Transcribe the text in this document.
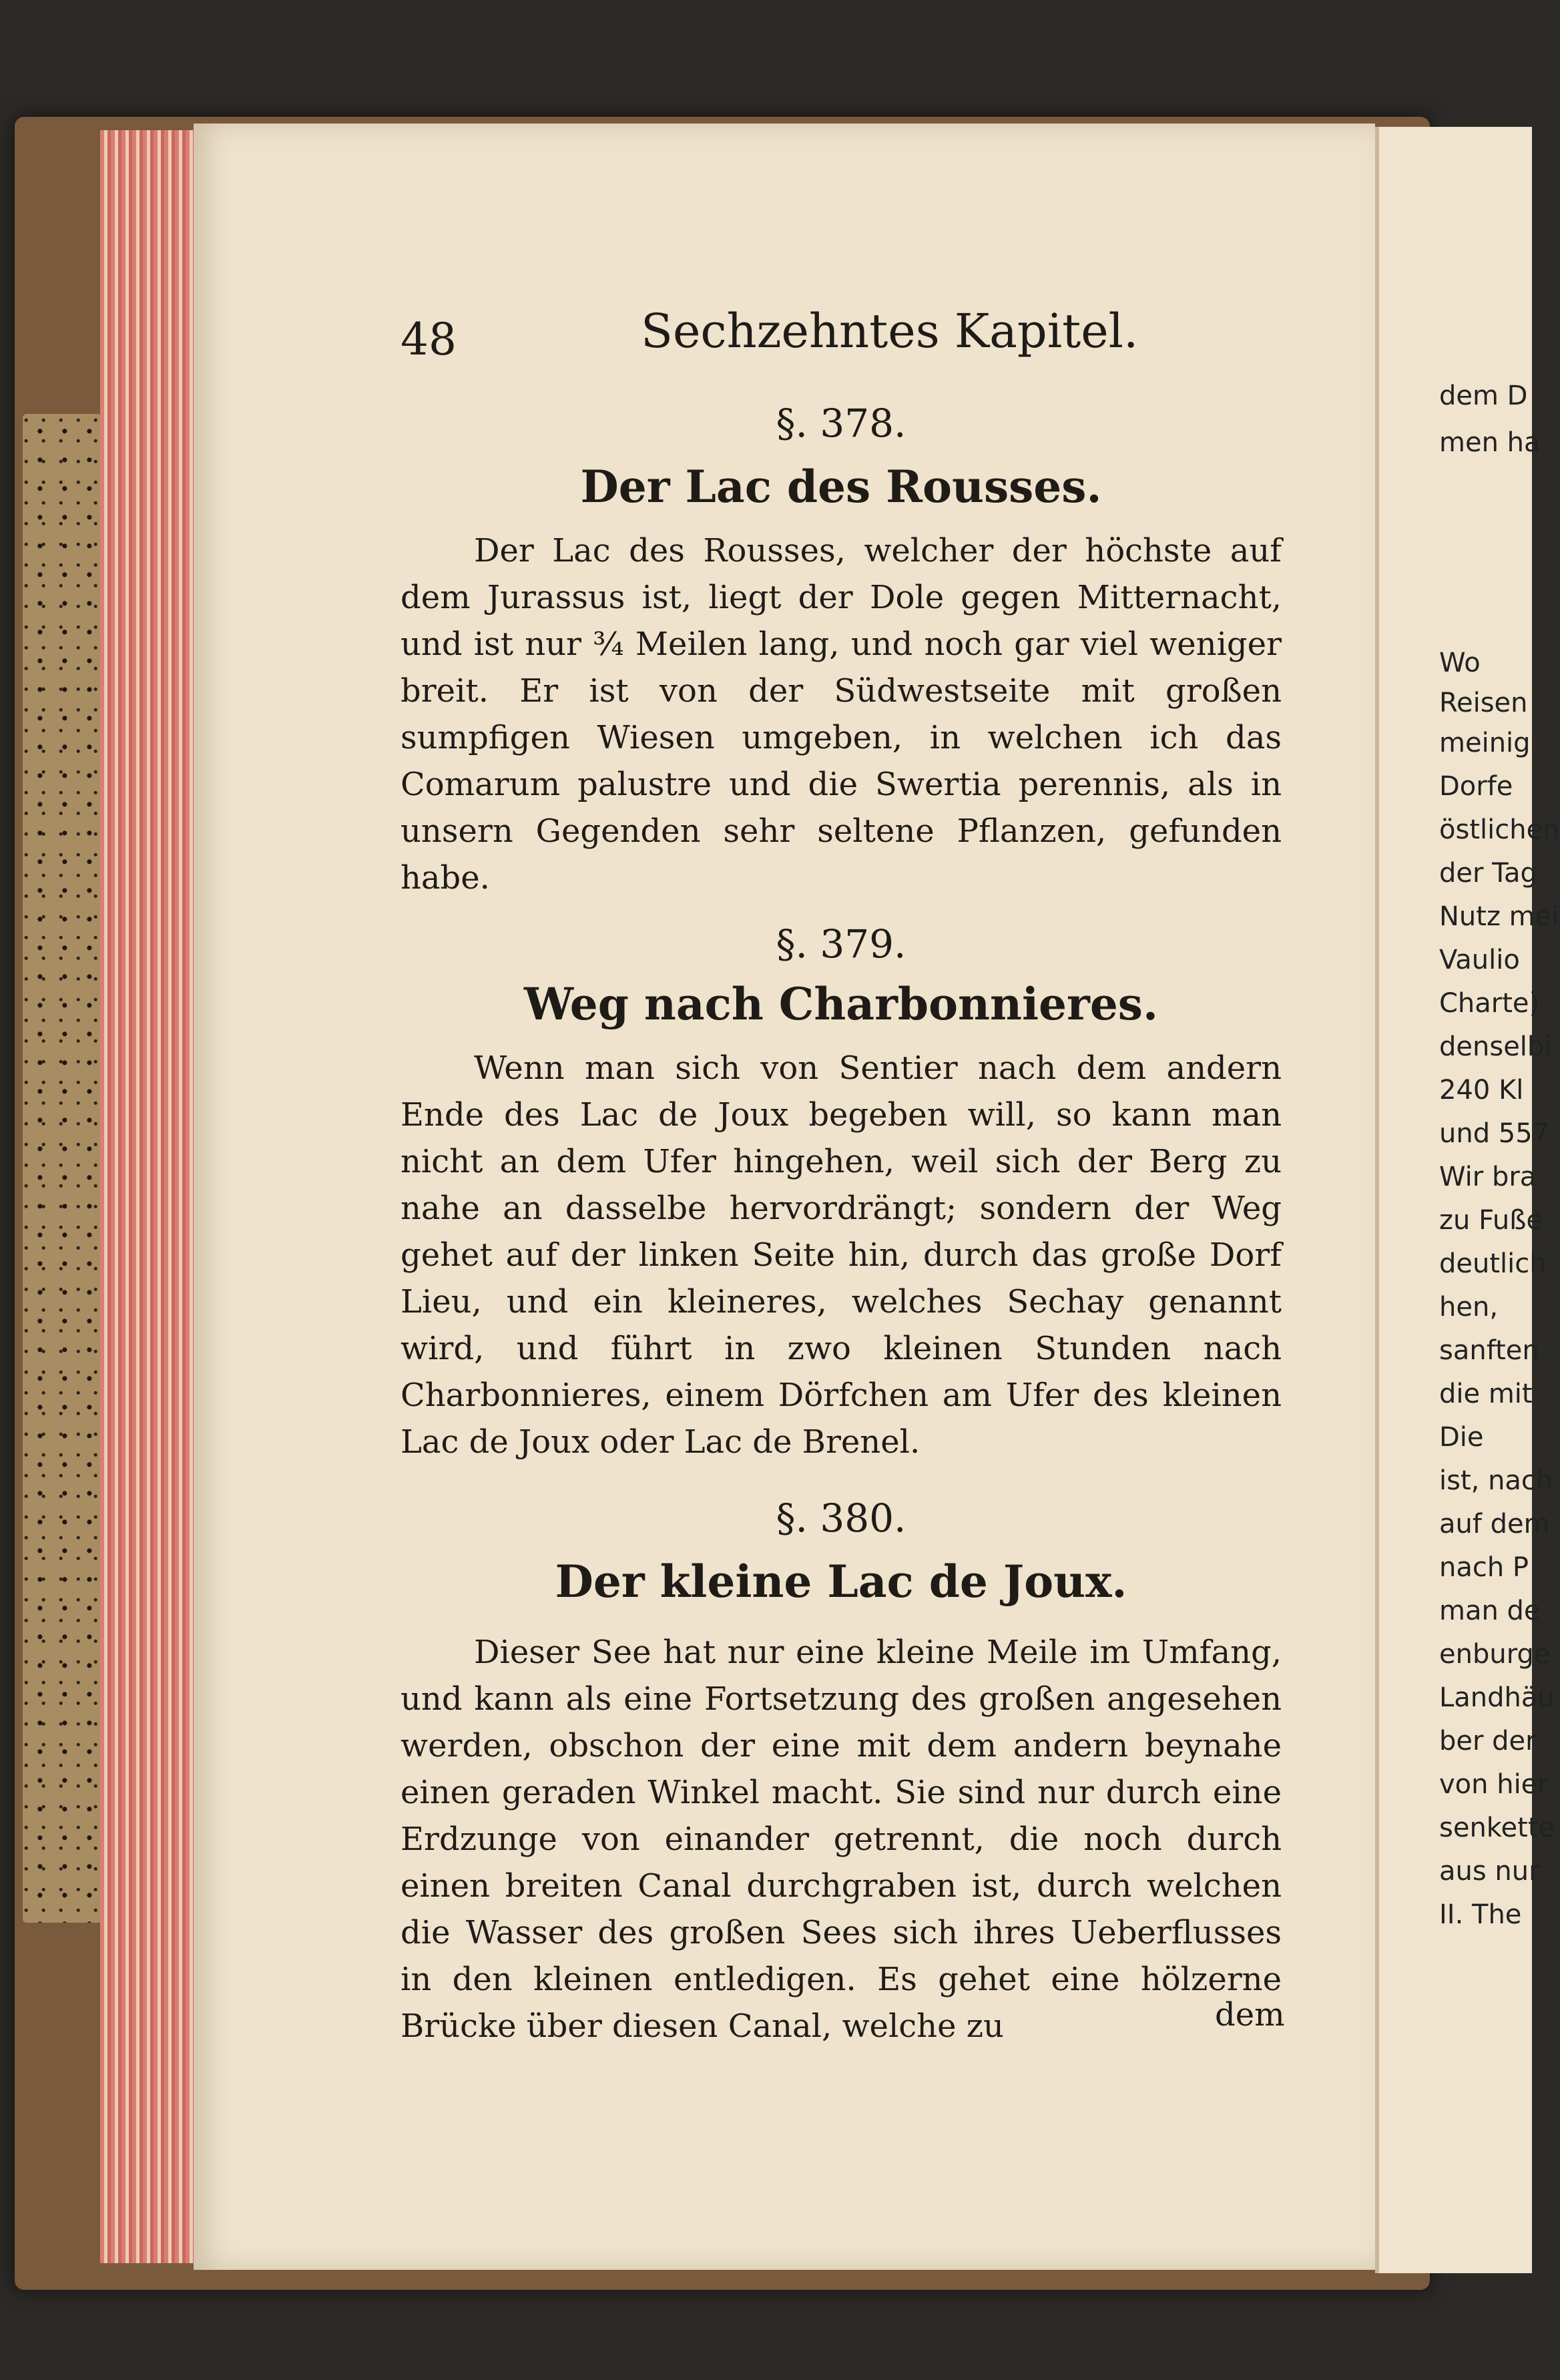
48	Sechzehntes Kapitel.
§. 378.
Der Lac des Rousses.
Der Lac des Rousses, welcher der höchste auf dem Jurassus ist, liegt der Dole gegen Mitternacht, und ist nur ¾ Meilen lang, und noch gar viel weniger breit. Er ist von der Südwestseite mit großen sumpfigen Wiesen umgeben, in welchen ich das Comarum palustre und die Swertia perennis, als in unsern Gegenden sehr seltene Pflanzen, gefunden habe.
§. 379.
Weg nach Charbonnieres.
Wenn man sich von Sentier nach dem andern Ende des Lac de Joux begeben will, so kann man nicht an dem Ufer hingehen, weil sich der Berg zu nahe an dasselbe hervordrängt; sondern der Weg gehet auf der linken Seite hin, durch das große Dorf Lieu, und ein kleineres, welches Sechay genannt wird, und führt in zwo kleinen Stunden nach Charbonnieres, einem Dörfchen am Ufer des kleinen Lac de Joux oder Lac de Brenel.
§. 380.
Der kleine Lac de Joux.
Dieser See hat nur eine kleine Meile im Umfang, und kann als eine Fortsetzung des großen angesehen werden, obschon der eine mit dem andern beynahe einen geraden Winkel macht. Sie sind nur durch eine Erdzunge von einander getrennt, die noch durch einen breiten Canal durchgraben ist, durch welchen die Wasser des großen Sees sich ihres Ueberflusses in den kleinen entledigen. Es gehet eine hölzerne Brücke über diesen Canal, welche zu	dem
dem D
men ha
Wo
Reisen
meinig
Dorfe
östlichen
der Tag
Nutz mei
Vaulio
Charte)
denselbi
240 Kl
und 557
Wir bra
zu Fuße
deutlich
hen,
sanften
die mit
Die
ist, nach
auf dem
nach P
man de
enburge
Landhäu
ber der
von hier
senkette
aus nur
II. The
